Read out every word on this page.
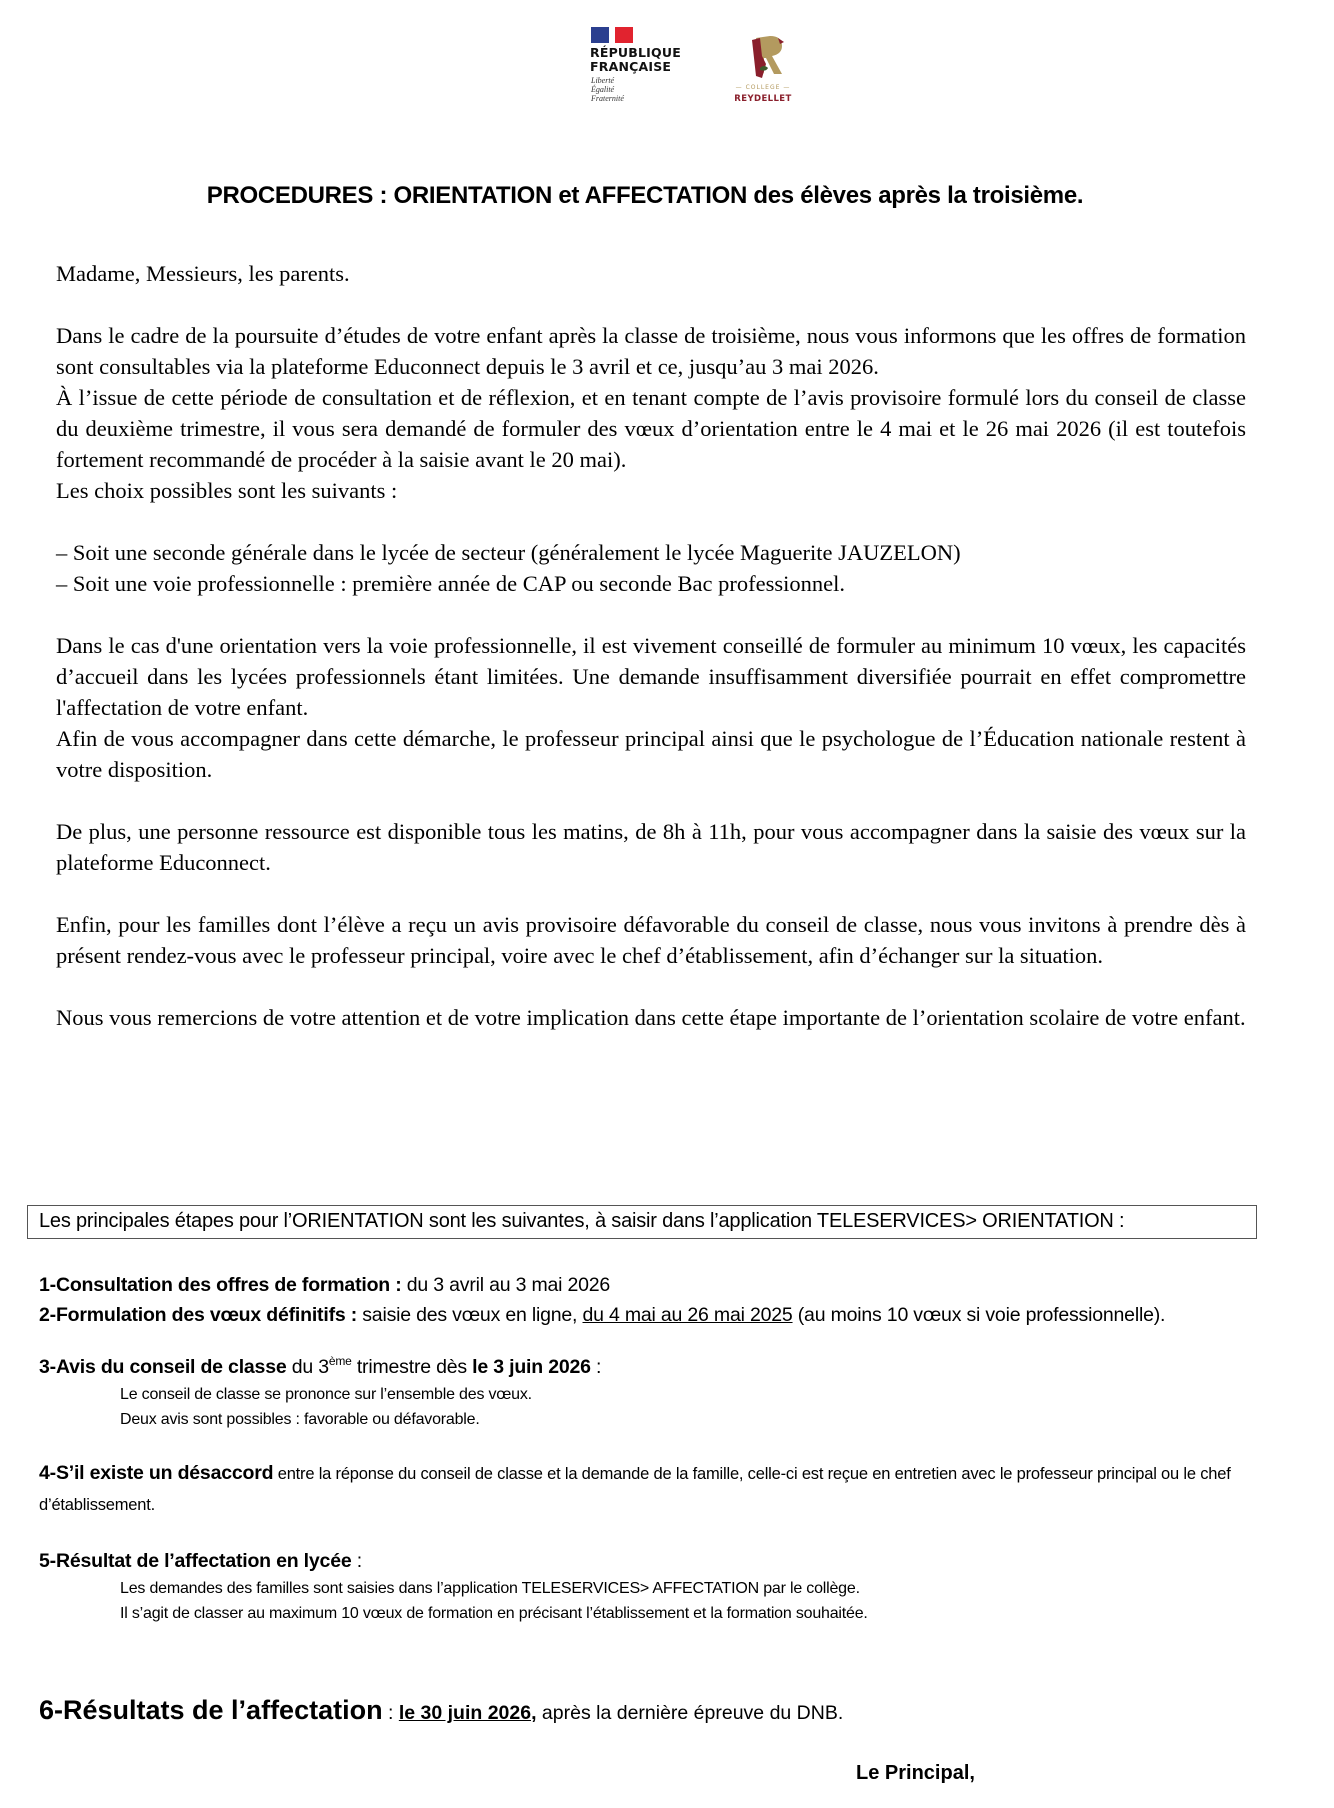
RÉPUBLIQUE
FRANÇAISE
Liberté
Égalité
Fraternité
— COLLEGE —
REYDELLET
PROCEDURES : ORIENTATION et AFFECTATION des élèves après la troisième.

Madame, Messieurs, les parents.

Dans le cadre de la poursuite d’études de votre enfant après la classe de troisième, nous vous informons que les offres de formation sont consultables via la plateforme Educonnect depuis le 3 avril et ce, jusqu’au 3 mai 2026.

À l’issue de cette période de consultation et de réflexion, et en tenant compte de l’avis provisoire formulé lors du conseil de classe du deuxième trimestre, il vous sera demandé de formuler des vœux d’orientation entre le 4 mai et le 26 mai 2026 (il est toutefois fortement recommandé de procéder à la saisie avant le 20 mai).

Les choix possibles sont les suivants :

– Soit une seconde générale dans le lycée de secteur (généralement le lycée Maguerite JAUZELON)

– Soit une voie professionnelle : première année de CAP ou seconde Bac professionnel.

Dans le cas d'une orientation vers la voie professionnelle, il est vivement conseillé de formuler au minimum 10 vœux, les capacités d’accueil dans les lycées professionnels étant limitées. Une demande insuffisamment diversifiée pourrait en effet compromettre l'affectation de votre enfant.

Afin de vous accompagner dans cette démarche, le professeur principal ainsi que le psychologue de l’Éducation nationale restent à votre disposition.

De plus, une personne ressource est disponible tous les matins, de 8h à 11h, pour vous accompagner dans la saisie des vœux sur la plateforme Educonnect.

Enfin, pour les familles dont l’élève a reçu un avis provisoire défavorable du conseil de classe, nous vous invitons à prendre dès à présent rendez-vous avec le professeur principal, voire avec le chef d’établissement, afin d’échanger sur la situation.

Nous vous remercions de votre attention et de votre implication dans cette étape importante de l’orientation scolaire de votre enfant.

Les principales étapes pour l’ORIENTATION sont les suivantes, à saisir dans l’application TELESERVICES> ORIENTATION :

1-Consultation des offres de formation : du 3 avril au 3 mai 2026

2-Formulation des vœux définitifs : saisie des vœux en ligne, du 4 mai au 26 mai 2025 (au moins 10 vœux si voie professionnelle).

3-Avis du conseil de classe du 3ème trimestre dès le 3 juin 2026 :

Le conseil de classe se prononce sur l’ensemble des vœux.

Deux avis sont possibles : favorable ou défavorable.

4-S’il existe un désaccord entre la réponse du conseil de classe et la demande de la famille, celle-ci est reçue en entretien avec le professeur principal ou le chef d’établissement.

5-Résultat de l’affectation en lycée :

Les demandes des familles sont saisies dans l’application TELESERVICES> AFFECTATION par le collège.

Il s’agit de classer au maximum 10 vœux de formation en précisant l’établissement et la formation souhaitée.

6-Résultats de l’affectation : le 30 juin 2026, après la dernière épreuve du DNB.
Le Principal,
